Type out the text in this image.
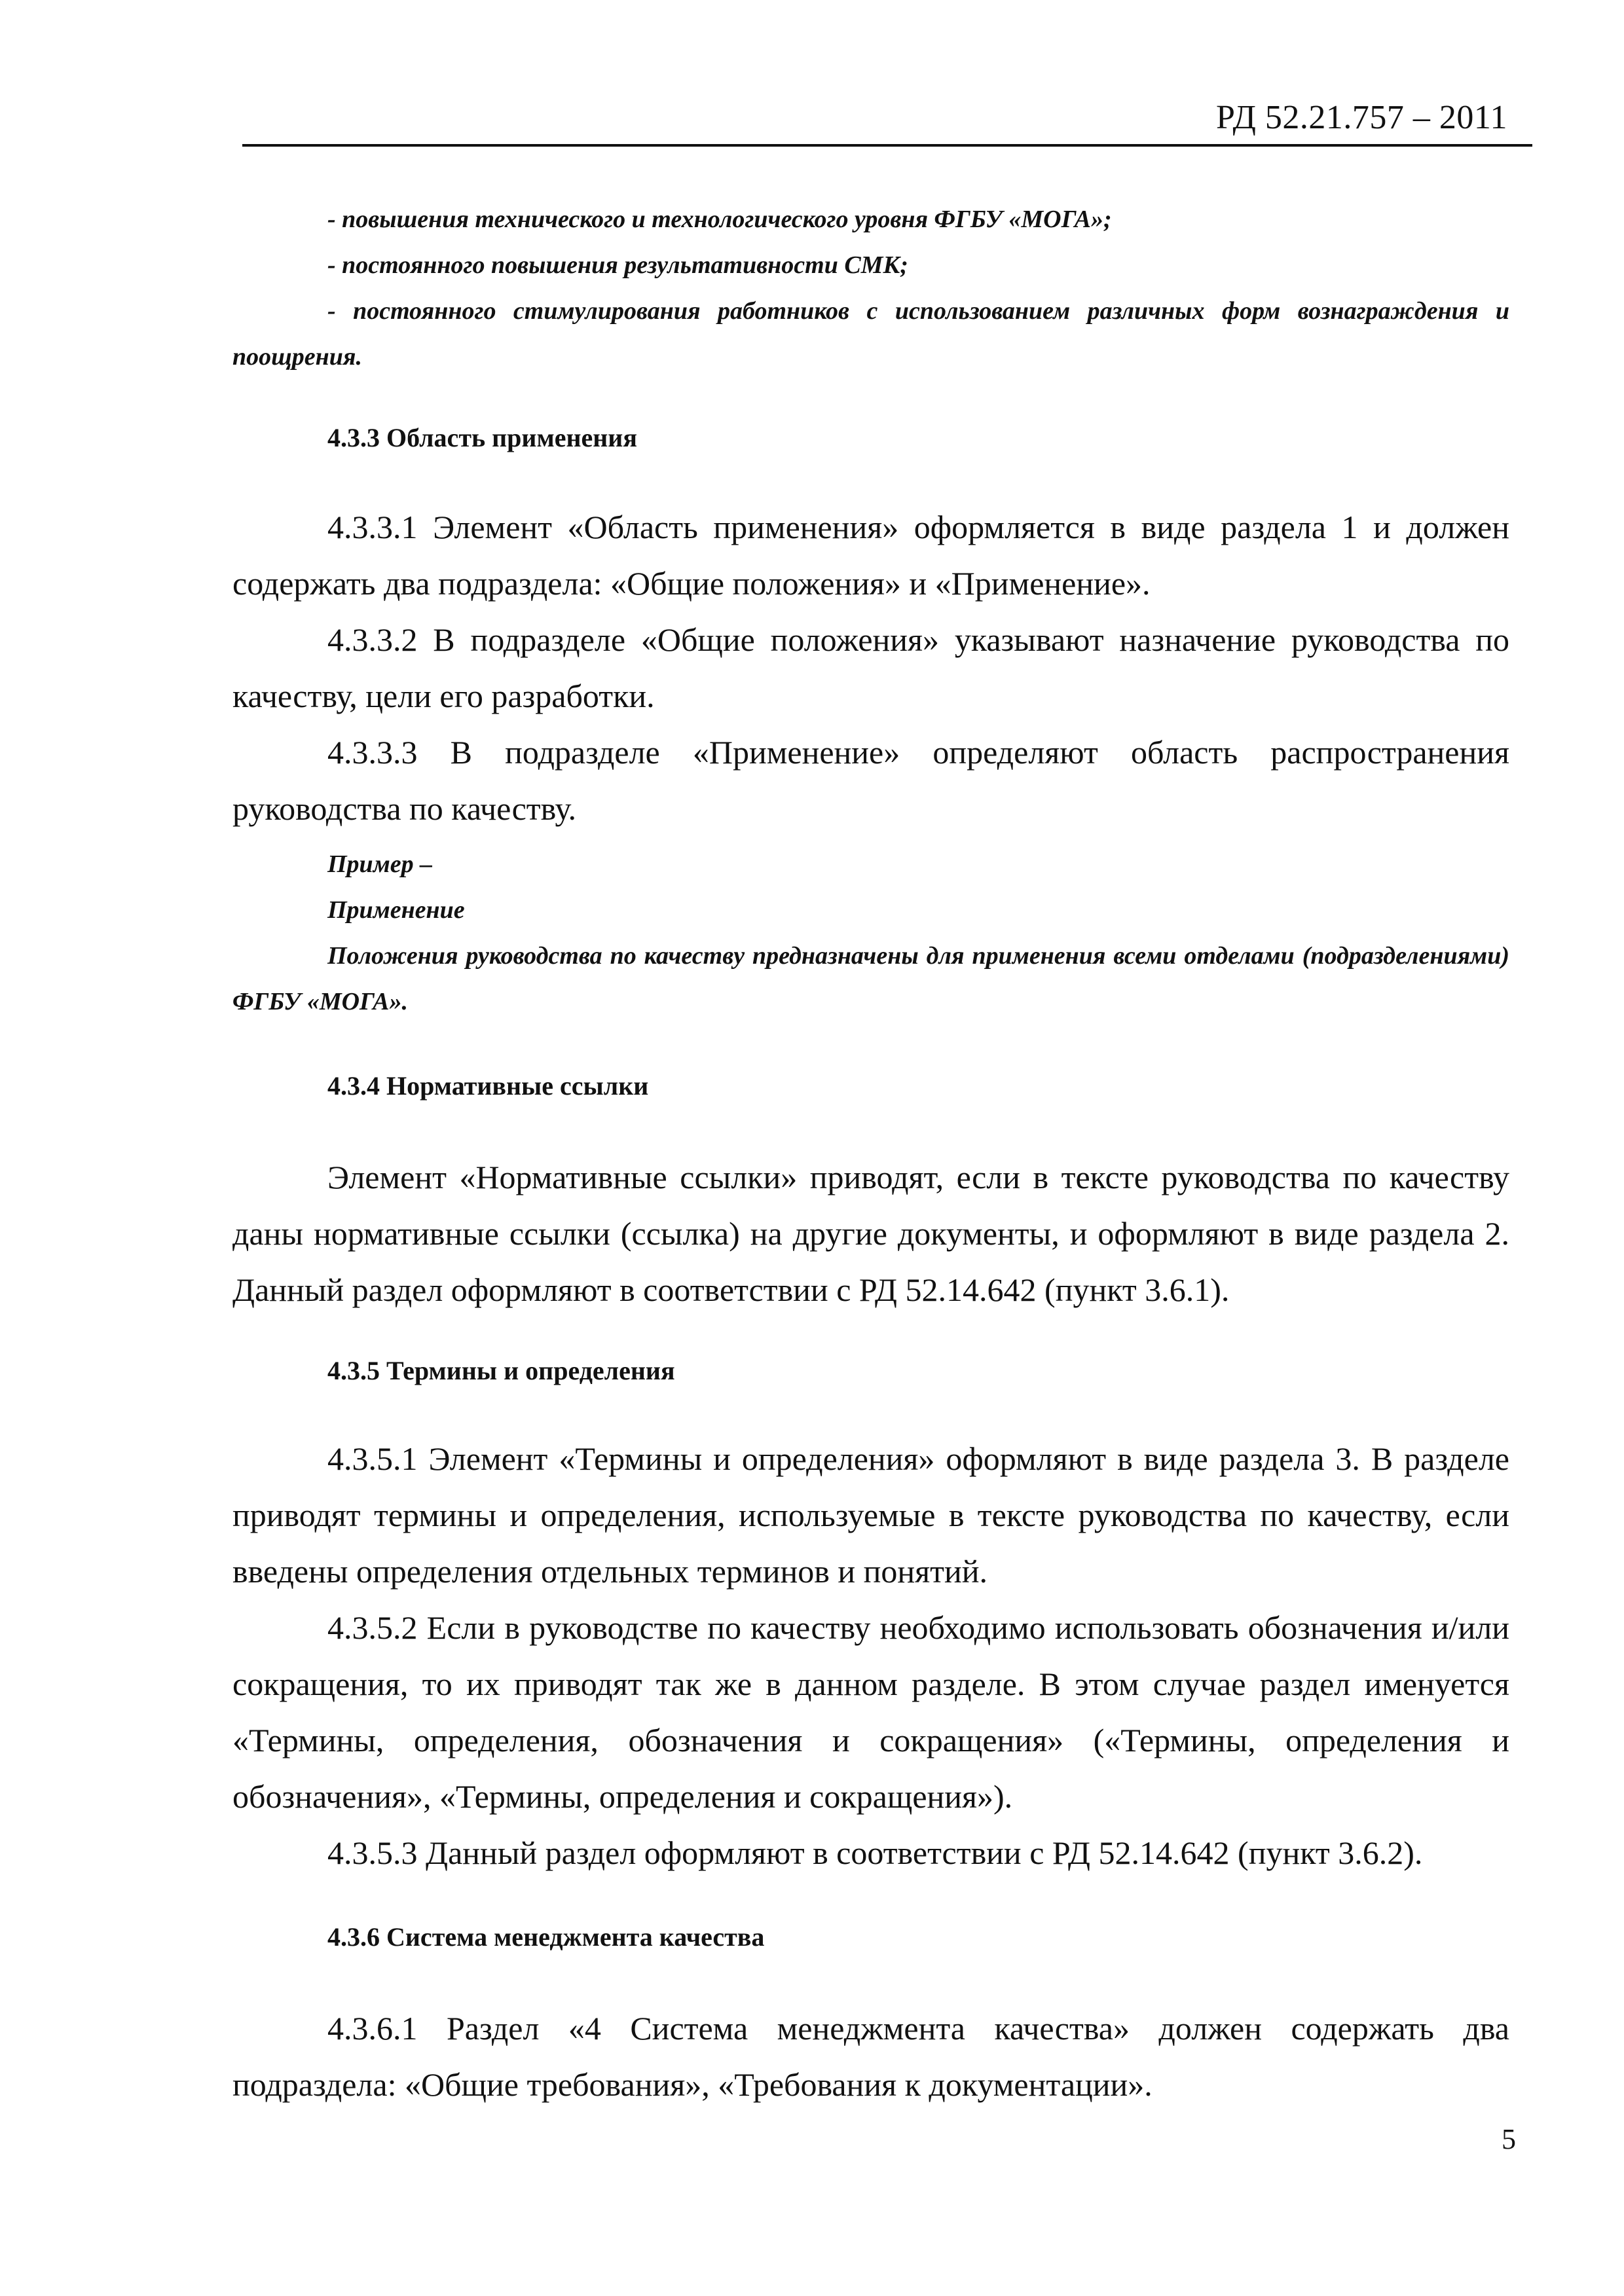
РД 52.21.757 – 2011

- повышения технического и технологического уровня ФГБУ «МОГА»;

- постоянного повышения результативности СМК;

- постоянного стимулирования работников с использованием различных форм вознаграждения и поощрения.

4.3.3 Область применения

4.3.3.1 Элемент «Область применения» оформляется в виде раздела 1 и должен содержать два подраздела: «Общие положения» и «Применение».

4.3.3.2 В подразделе «Общие положения» указывают назначение руководства по качеству, цели его разработки.

4.3.3.3 В подразделе «Применение» определяют область распространения руководства по качеству.

Пример –

Применение

Положения руководства по качеству предназначены для применения всеми отделами (подразделениями) ФГБУ «МОГА».

4.3.4 Нормативные ссылки

Элемент «Нормативные ссылки» приводят, если в тексте руководства по качеству даны нормативные ссылки (ссылка) на другие документы, и оформляют в виде раздела 2. Данный раздел оформляют в соответствии с РД 52.14.642 (пункт 3.6.1).

4.3.5 Термины и определения

4.3.5.1 Элемент «Термины и определения» оформляют в виде раздела 3. В разделе приводят термины и определения, используемые в тексте руководства по качеству, если введены определения отдельных терминов и понятий.

4.3.5.2 Если в руководстве по качеству необходимо использовать обозначения и/или сокращения, то их приводят так же в данном разделе. В этом случае раздел именуется «Термины, определения, обозначения и сокращения» («Термины, определения и обозначения», «Термины, определения и сокращения»).

4.3.5.3 Данный раздел оформляют в соответствии с РД 52.14.642 (пункт 3.6.2).

4.3.6 Система менеджмента качества

4.3.6.1 Раздел «4 Система менеджмента качества» должен содержать два подраздела: «Общие требования», «Требования к документации».

5
